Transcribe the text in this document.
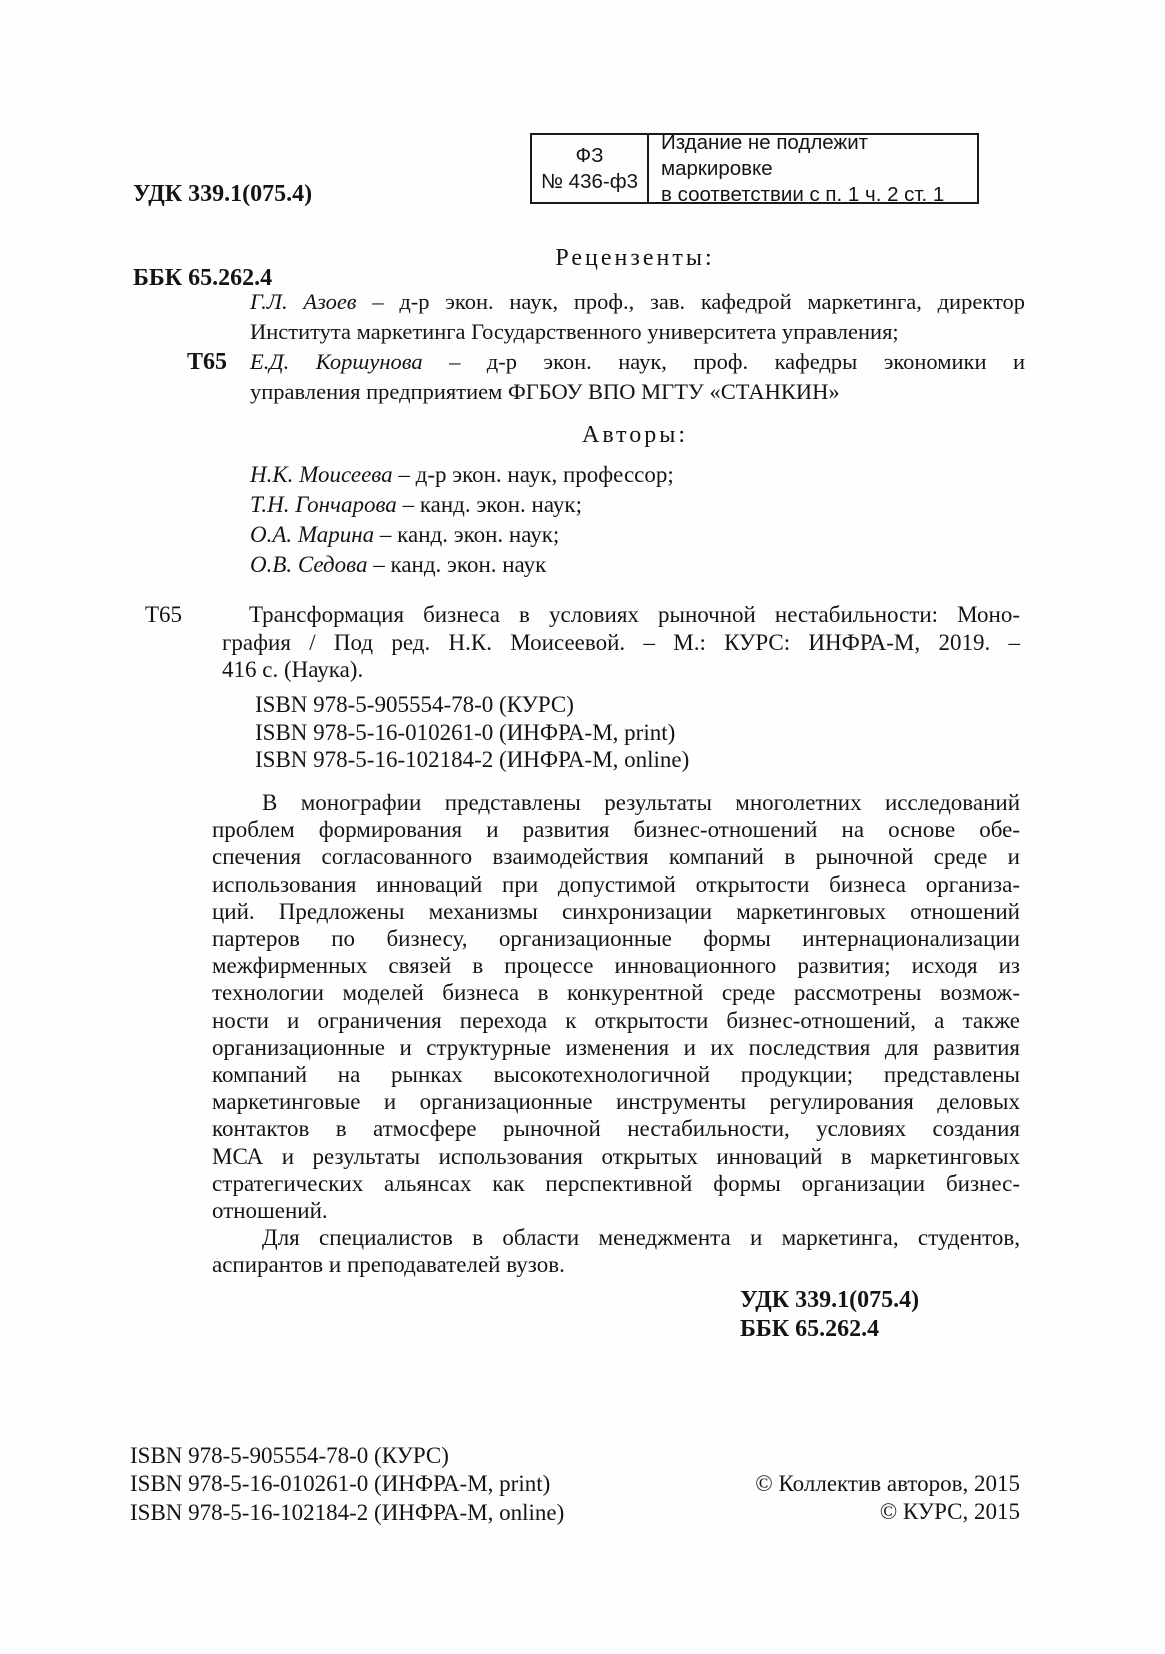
УДК 339.1(075.4)

ББК 65.262.4

Т65

ФЗ
№ 436-ф3
Издание не подлежит маркировке
в соответствии с п. 1 ч. 2 ст. 1
Рецензенты:
Г.Л. Азоев – д-р экон. наук, проф., зав. кафедрой маркетинга, директор
Института маркетинга Государственного университета управления;
Е.Д. Коршунова – д-р экон. наук, проф. кафедры экономики и
управления предприятием ФГБОУ ВПО МГТУ «СТАНКИН»
Авторы:
Н.К. Моисеева – д-р экон. наук, профессор;
Т.Н. Гончарова – канд. экон. наук;
О.А. Марина – канд. экон. наук;
О.В. Седова – канд. экон. наук
Т65	Трансформация бизнеса в условиях рыночной нестабильности: Моно-
графия / Под ред. Н.К. Моисеевой. – М.: КУРС: ИНФРА-М, 2019. –
416 с. (Наука).
ISBN 978-5-905554-78-0 (КУРС)
ISBN 978-5-16-010261-0 (ИНФРА-М, print)
ISBN 978-5-16-102184-2 (ИНФРА-М, online)
В монографии представлены результаты многолетних исследований
проблем формирования и развития бизнес-отношений на основе обе-
спечения согласованного взаимодействия компаний в рыночной среде и
использования инноваций при допустимой открытости бизнеса организа-
ций. Предложены механизмы синхронизации маркетинговых отношений
партеров по бизнесу, организационные формы интернационализации
межфирменных связей в процессе инновационного развития; исходя из
технологии моделей бизнеса в конкурентной среде рассмотрены возмож-
ности и ограничения перехода к открытости бизнес-отношений, а также
организационные и структурные изменения и их последствия для развития
компаний на рынках высокотехнологичной продукции; представлены
маркетинговые и организационные инструменты регулирования деловых
контактов в атмосфере рыночной нестабильности, условиях создания
МСА и результаты использования открытых инноваций в маркетинговых
стратегических альянсах как перспективной формы организации бизнес-
отношений.
Для специалистов в области менеджмента и маркетинга, студентов,
аспирантов и преподавателей вузов.
УДК 339.1(075.4)
ББК 65.262.4
ISBN 978-5-905554-78-0 (КУРС)
ISBN 978-5-16-010261-0 (ИНФРА-М, print)
ISBN 978-5-16-102184-2 (ИНФРА-М, online)
© Коллектив авторов, 2015
© КУРС, 2015
